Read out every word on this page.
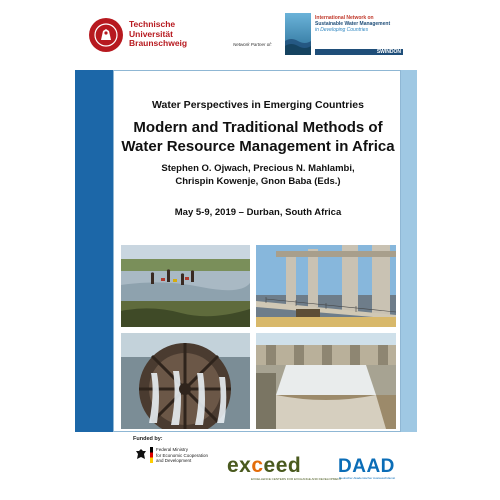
Technische
Universität
Braunschweig	Network Partner of:
International Network on
Sustainable Water Management
in Developing Countries
SWINDON
Water Perspectives in Emerging Countries
Modern and Traditional Methods of
Water Resource Management in Africa
Stephen O. Ojwach, Precious N. Mahlambi,
Chrispin Kowenje, Gnon Baba (Eds.)
May 5-9, 2019 – Durban, South Africa
Funded by:
Federal Ministry
for Economic Cooperation
and Development	exceed
EXCELLENCE CENTERS FOR EXCHANGE AND DEVELOPMENT
DAAD
Deutscher Akademischer Austauschdienst
